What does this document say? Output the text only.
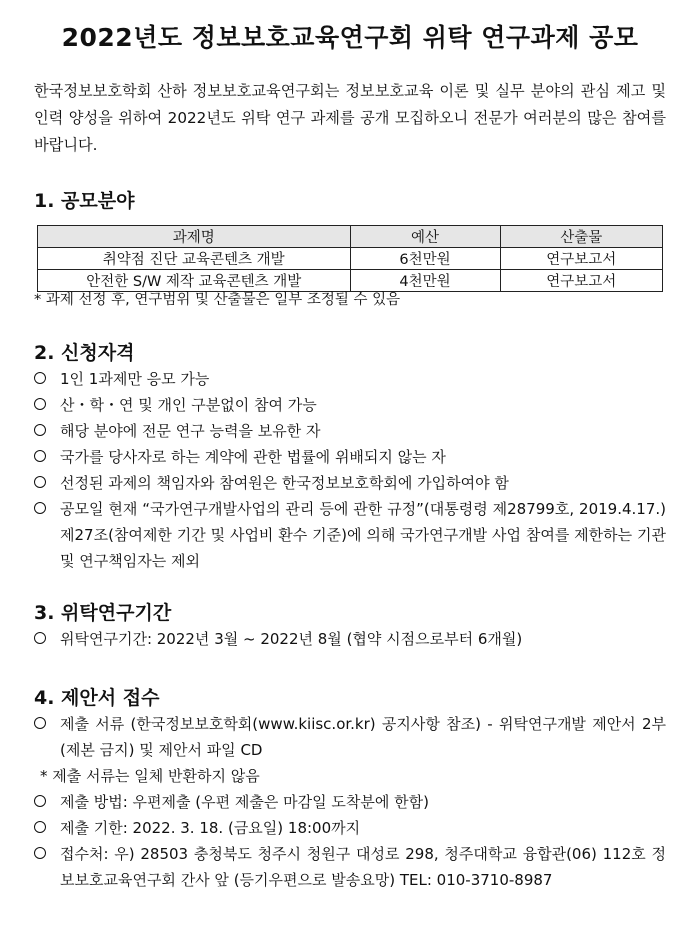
2022년도 정보보호교육연구회 위탁 연구과제 공모
한국정보보호학회 산하 정보보호교육연구회는 정보보호교육 이론 및 실무 분야의 관심 제고 및 인력 양성을 위하여 2022년도 위탁 연구 과제를 공개 모집하오니 전문가 여러분의 많은 참여를 바랍니다.
1. 공모분야
과제명	예산	산출물
취약점 진단 교육콘텐츠 개발	6천만원	연구보고서
안전한 S/W 제작 교육콘텐츠 개발	4천만원	연구보고서
* 과제 선정 후, 연구범위 및 산출물은 일부 조정될 수 있음
2. 신청자격
1인 1과제만 응모 가능
산・학・연 및 개인 구분없이 참여 가능
해당 분야에 전문 연구 능력을 보유한 자
국가를 당사자로 하는 계약에 관한 법률에 위배되지 않는 자
선정된 과제의 책임자와 참여원은 한국정보보호학회에 가입하여야 함
공모일 현재 “국가연구개발사업의 관리 등에 관한 규정”(대통령령 제28799호, 2019.4.17.) 제27조(참여제한 기간 및 사업비 환수 기준)에 의해 국가연구개발 사업 참여를 제한하는 기관 및 연구책임자는 제외
3. 위탁연구기간
위탁연구기간: 2022년 3월 ~ 2022년 8월 (협약 시점으로부터 6개월)
4. 제안서 접수
제출 서류 (한국정보보호학회(www.kiisc.or.kr) 공지사항 참조) - 위탁연구개발 제안서 2부 (제본 금지) 및 제안서 파일 CD
* 제출 서류는 일체 반환하지 않음
제출 방법: 우편제출 (우편 제출은 마감일 도착분에 한함)
제출 기한: 2022. 3. 18. (금요일) 18:00까지
접수처: 우) 28503 충청북도 청주시 청원구 대성로 298, 청주대학교 융합관(06) 112호 정보보호교육연구회 간사 앞 (등기우편으로 발송요망) TEL: 010-3710-8987
